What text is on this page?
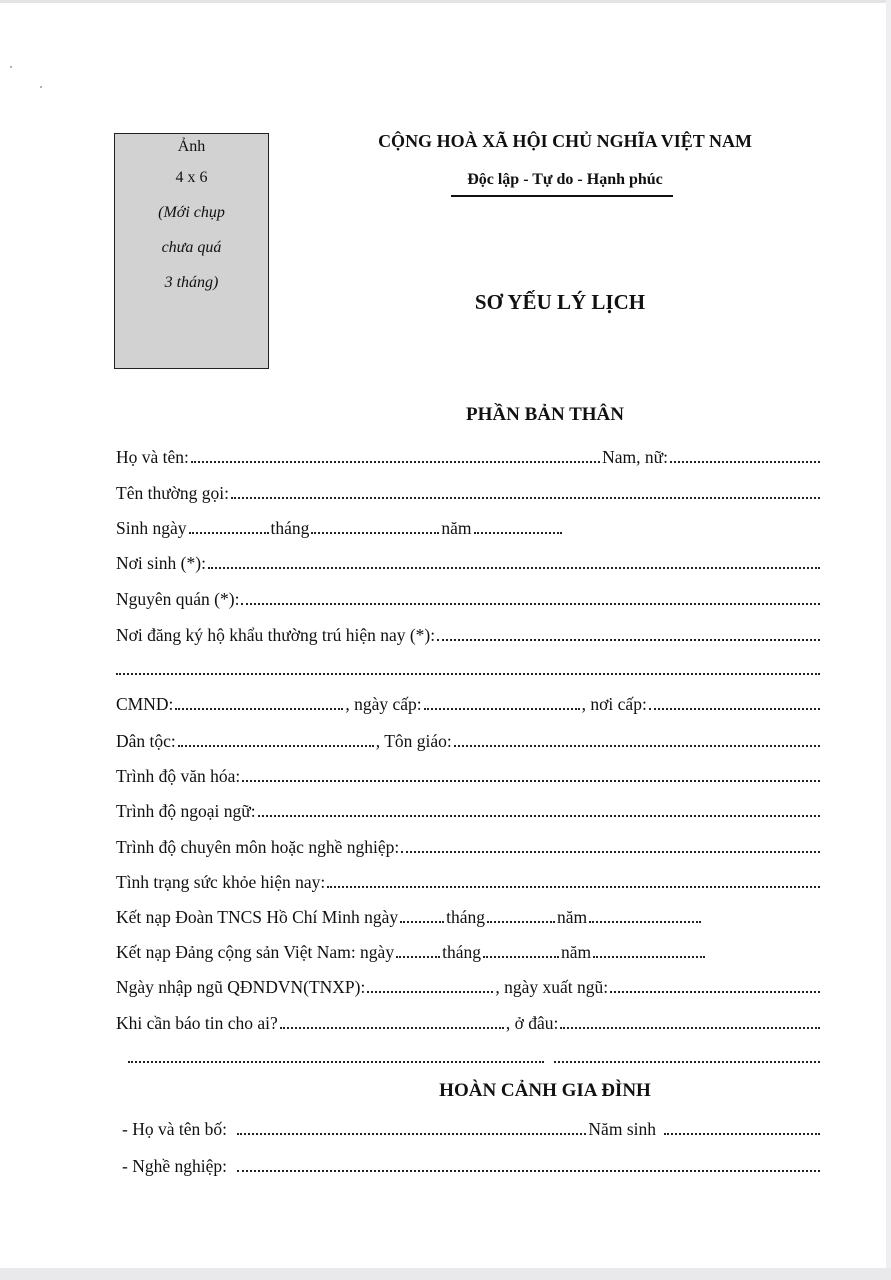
Ảnh
4 x 6
(Mới chụp
chưa quá
3 tháng)
CỘNG HOÀ XÃ HỘI CHỦ NGHĨA VIỆT NAM
Độc lập - Tự do - Hạnh phúc
SƠ YẾU LÝ LỊCH
PHẦN BẢN THÂN
Họ và tên:	Nam, nữ:
Tên thường gọi:
Sinh ngày	tháng	năm
Nơi sinh (*):
Nguyên quán (*):
Nơi đăng ký hộ khẩu thường trú hiện nay (*):
CMND:	, ngày cấp:	, nơi cấp:
Dân tộc:	, Tôn giáo:
Trình độ văn hóa:
Trình độ ngoại ngữ:
Trình độ chuyên môn hoặc nghề nghiệp:
Tình trạng sức khỏe hiện nay:
Kết nạp Đoàn TNCS Hồ Chí Minh ngày	tháng	năm
Kết nạp Đảng cộng sản Việt Nam: ngày	tháng	năm
Ngày nhập ngũ QĐNDVN(TNXP):	, ngày xuất ngũ:
Khi cần báo tin cho ai?	, ở đâu:
HOÀN CẢNH GIA ĐÌNH
- Họ và tên bố:	Năm sinh
- Nghề nghiệp:
